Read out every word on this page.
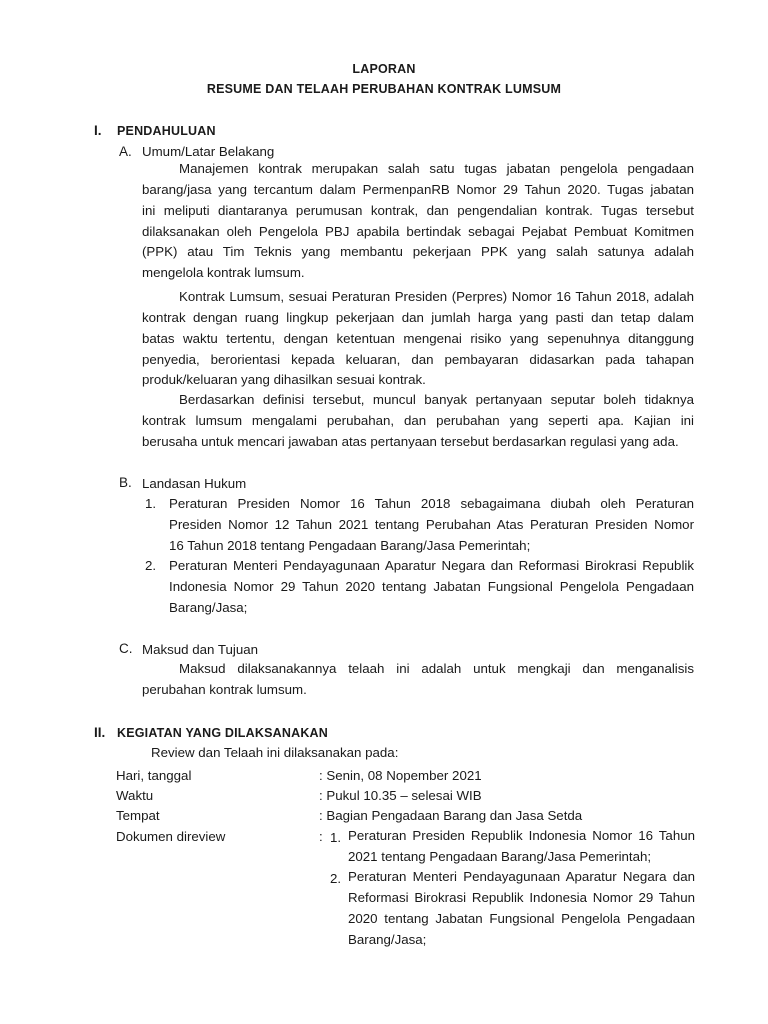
LAPORAN
RESUME DAN TELAAH PERUBAHAN KONTRAK LUMSUM
I. PENDAHULUAN
A. Umum/Latar Belakang
Manajemen kontrak merupakan salah satu tugas jabatan pengelola pengadaan
barang/jasa yang tercantum dalam PermenpanRB Nomor 29 Tahun 2020. Tugas jabatan
ini meliputi diantaranya perumusan kontrak, dan pengendalian kontrak. Tugas tersebut
dilaksanakan oleh Pengelola PBJ apabila bertindak sebagai Pejabat Pembuat Komitmen
(PPK) atau Tim Teknis yang membantu pekerjaan PPK yang salah satunya adalah
mengelola kontrak lumsum.
Kontrak Lumsum, sesuai Peraturan Presiden (Perpres) Nomor 16 Tahun 2018, adalah
kontrak dengan ruang lingkup pekerjaan dan jumlah harga yang pasti dan tetap dalam
batas waktu tertentu, dengan ketentuan mengenai risiko yang sepenuhnya ditanggung
penyedia, berorientasi kepada keluaran, dan pembayaran didasarkan pada tahapan
produk/keluaran yang dihasilkan sesuai kontrak.
Berdasarkan definisi tersebut, muncul banyak pertanyaan seputar boleh tidaknya
kontrak lumsum mengalami perubahan, dan perubahan yang seperti apa. Kajian ini
berusaha untuk mencari jawaban atas pertanyaan tersebut berdasarkan regulasi yang ada.
B. Landasan Hukum
1. Peraturan Presiden Nomor 16 Tahun 2018 sebagaimana diubah oleh Peraturan
Presiden Nomor 12 Tahun 2021 tentang Perubahan Atas Peraturan Presiden Nomor
16 Tahun 2018 tentang Pengadaan Barang/Jasa Pemerintah;
2. Peraturan Menteri Pendayagunaan Aparatur Negara dan Reformasi Birokrasi Republik
Indonesia Nomor 29 Tahun 2020 tentang Jabatan Fungsional Pengelola Pengadaan
Barang/Jasa;
C. Maksud dan Tujuan
Maksud dilaksanakannya telaah ini adalah untuk mengkaji dan menganalisis
perubahan kontrak lumsum.
II. KEGIATAN YANG DILAKSANAKAN
Review dan Telaah ini dilaksanakan pada:
Hari, tanggal	: Senin, 08 Nopember 2021
Waktu	: Pukul 10.35 – selesai WIB
Tempat	: Bagian Pengadaan Barang dan Jasa Setda
Dokumen direview	: 1. Peraturan Presiden Republik Indonesia Nomor 16 Tahun
2021 tentang Pengadaan Barang/Jasa Pemerintah;
2. Peraturan Menteri Pendayagunaan Aparatur Negara dan
Reformasi Birokrasi Republik Indonesia Nomor 29 Tahun
2020 tentang Jabatan Fungsional Pengelola Pengadaan
Barang/Jasa;
